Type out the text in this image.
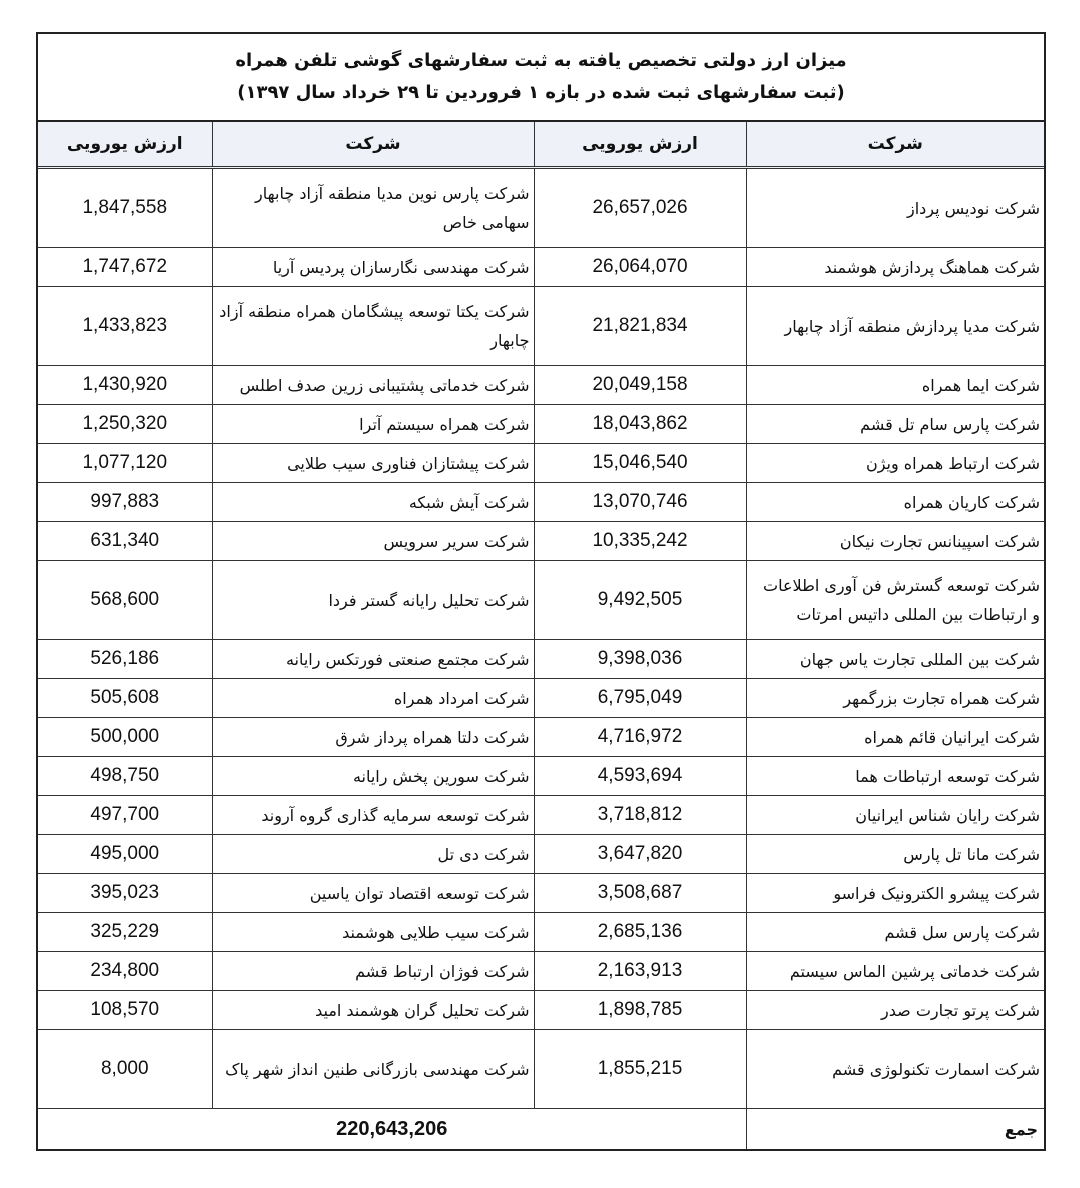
میزان ارز دولتی تخصیص یافته به ثبت سفارشهای گوشی تلفن همراه
(ثبت سفارشهای ثبت شده در بازه ۱ فروردین تا ۲۹ خرداد سال ۱۳۹۷)
شرکت	ارزش یورویی	شرکت	ارزش یورویی
شرکت نودیس پرداز	26,657,026	شرکت پارس نوین مدیا منطقه آزاد چابهار سهامی خاص	1,847,558
شرکت هماهنگ پردازش هوشمند	26,064,070	شرکت مهندسی نگارسازان پردیس آریا	1,747,672
شرکت مدیا پردازش منطقه آزاد چابهار	21,821,834	شرکت یکتا توسعه پیشگامان همراه منطقه آزاد چابهار	1,433,823
شرکت ایما همراه	20,049,158	شرکت خدماتی پشتیبانی زرین صدف اطلس	1,430,920
شرکت پارس سام تل قشم	18,043,862	شرکت همراه سیستم آترا	1,250,320
شرکت ارتباط همراه ویژن	15,046,540	شرکت پیشتازان فناوری سیب طلایی	1,077,120
شرکت کاریان همراه	13,070,746	شرکت آیش شبکه	997,883
شرکت اسپینانس تجارت نیکان	10,335,242	شرکت سریر سرویس	631,340
شرکت توسعه گسترش فن آوری اطلاعات و ارتباطات بین المللی داتیس امرتات	9,492,505	شرکت تحلیل رایانه گستر فردا	568,600
شرکت بین المللی تجارت یاس جهان	9,398,036	شرکت مجتمع صنعتی فورتکس رایانه	526,186
شرکت همراه تجارت بزرگمهر	6,795,049	شرکت امرداد همراه	505,608
شرکت ایرانیان قائم همراه	4,716,972	شرکت دلتا همراه پرداز شرق	500,000
شرکت توسعه ارتباطات هما	4,593,694	شرکت سورین پخش رایانه	498,750
شرکت رایان شناس ایرانیان	3,718,812	شرکت توسعه سرمایه گذاری گروه آروند	497,700
شرکت مانا تل پارس	3,647,820	شرکت دی تل	495,000
شرکت پیشرو الکترونیک فراسو	3,508,687	شرکت توسعه اقتصاد توان یاسین	395,023
شرکت پارس سل قشم	2,685,136	شرکت سیب طلایی هوشمند	325,229
شرکت خدماتی پرشین الماس سیستم	2,163,913	شرکت فوژان ارتباط قشم	234,800
شرکت پرتو تجارت صدر	1,898,785	شرکت تحلیل گران هوشمند امید	108,570
شرکت اسمارت تکنولوژی قشم	1,855,215	شرکت مهندسی بازرگانی طنین انداز شهر پاک	8,000
جمع	220,643,206		
